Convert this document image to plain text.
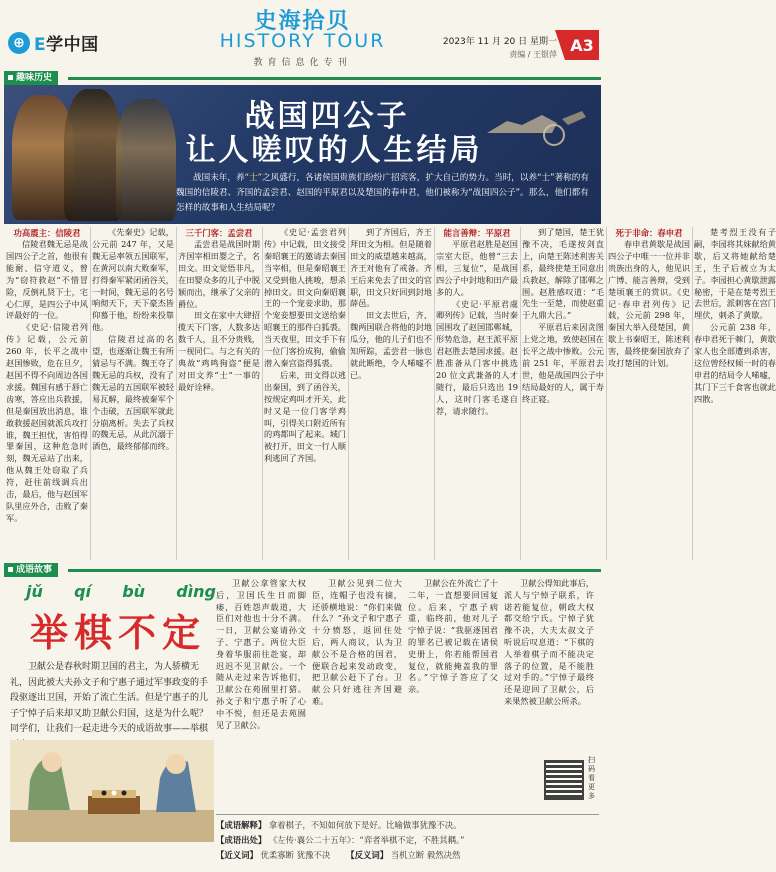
⊕ E学中国
史海拾贝
HISTORY TOUR
教育信息化专刊
2023年 11 月 20 日 星期一
责编 / 王银萍 A3
趣味历史
战国四公子
让人嗟叹的人生结局
战国末年，养“士”之风盛行，各诸侯国贵族们纷纷广招宾客，扩大自己的势力。当时，以养“士”著称的有魏国的信陵君、齐国的孟尝君、赵国的平原君以及楚国的春申君，他们被称为“战国四公子”。那么，他们都有怎样的故事和人生结局呢？

功高震主：信陵君

信陵君魏无忌是战国四公子之首，他很有能耐、信守道义，曾为“窃符救赵”不惜冒险，反倒礼贤下士，宅心仁厚，是四公子中风评最好的一位。

《史记·信陵君列传》记载，公元前 260 年，长平之战中赵国惨败，危在旦夕，赵国不得不向周边各国求援。魏国有感于唇亡齿寒，答应出兵救援，但是秦国放出消息，谁敢救援赵国就派兵攻打谁，魏王担忧，害怕得罪秦国，这种危急时刻，魏无忌站了出来，他从魏王处窃取了兵符，赶往前线调兵出击，最后，他与赵国军队里应外合，击败了秦军。

《先秦史》记载，公元前 247 年，又是魏无忌率领五国联军，在黄河以南大败秦军，打得秦军紧闭函谷关，一时间，魏无忌的名号响彻天下，天下豪杰皆仰慕于他，纷纷来投靠他。

信陵君过高的名望，也逐渐让魏王有所猜忌与不满。魏王夺了魏无忌的兵权，没有了魏无忌的五国联军被轻易瓦解，最终被秦军个个击破，五国联军就此分崩离析。失去了兵权的魏无忌，从此沉溺于酒色，最终郁郁而终。

三千门客：孟尝君

孟尝君是战国时期齐国宰相田婴之子，名田文。田文觉悟非凡，在田婴众多的儿子中脱颖而出，继承了父亲的爵位。

田文在家中大肆招揽天下门客，人数多达数千人，且不分贵贱，一视同仁。与之有关的典故“鸡鸣狗盗”便是对田文养“士”一事的最好诠释。

《史记·孟尝君列传》中记载，田文接受秦昭襄王的邀请去秦国当宰相，但是秦昭襄王又受到他人挑唆，想杀掉田文。田文向秦昭襄王的一个宠妾求助，那个宠妾想要田文送给秦昭襄王的那件白狐裘。当天夜里，田文手下有一位门客扮成狗，偷偷潜入秦宫盗得狐裘。

后来，田文得以逃出秦国，到了函谷关，按规定鸡叫才开关，此时又是一位门客学鸡叫，引得关口附近所有的鸡都叫了起来。城门被打开，田文一行人顺利逃回了齐国。

到了齐国后，齐王拜田文为相。但是随着田文的威望越来越高，齐王对他有了戒备。齐王后来免去了田文的官职，田文只好回到封地薛邑。

田文去世后，齐、魏两国联合将他的封地瓜分，他的儿子们也不知所踪，孟尝君一脉也就此断绝，令人唏嘘不已。

能言善辩：平原君

平原君赵胜是赵国宗室大臣，他曾“三去相，三复位”，是战国四公子中封地和田产最多的人。

《史记·平原君虞卿列传》记载，当时秦国围攻了赵国邯郸城，形势危急，赵王派平原君赵胜去楚国求援。赵胜准备从门客中挑选 20 位文武兼备的人才随行，最后只选出 19 人，这时门客毛遂自荐，请求随行。

到了楚国，楚王犹豫不决，毛遂按剑直上，向楚王陈述利害关系，最终使楚王同意出兵救赵，解除了邯郸之围。赵胜感叹道：“毛先生一至楚，而使赵重于九鼎大吕。”

平原君后来因贪图上党之地，致使赵国在长平之战中惨败。公元前 251 年，平原君去世，他是战国四公子中结局最好的人，属于寿终正寝。

死于非命：春申君

春申君黄歇是战国四公子中唯一一位并非贵族出身的人，他见识广博、能言善辩，受到楚顷襄王的赏识。《史记·春申君列传》记载，公元前 298 年，秦国大举入侵楚国，黄歇上书秦昭王，陈述利害，最终使秦国放弃了攻打楚国的计划。

楚考烈王没有子嗣，李园将其妹献给黄歇，后又将她献给楚王，生子后被立为太子。李园担心黄歇泄露秘密，于是在楚考烈王去世后，派刺客在宫门埋伏，刺杀了黄歇。

公元前 238 年，春申君死于棘门，黄歇家人也全部遭到杀害，这位曾经权倾一时的春申君的结局令人唏嘘，其门下三千食客也就此四散。

成语故事
jǔ qí bù dìng
举棋不定
卫献公是春秋时期卫国的君主，为人骄横无礼，因此被大夫孙文子和宁惠子通过军事政变的手段驱逐出卫国，开始了流亡生活。但是宁惠子的儿子宁悼子后来却又助卫献公归国，这是为什么呢？同学们，让我们一起走进今天的成语故事——举棋

卫献公拿管家大权后，卫国氏生日而脚痿，百姓怨声载道，大臣们对他也十分不满。一日，卫献公宴请孙文子、宁惠子。两位大臣身着华服前往赴宴，却迟迟不见卫献公。一个随从走过来告诉他们，卫献公在苑囿里打猎。孙文子和宁惠子听了心中不悦，但还是去苑囿见了卫献公。

卫献公见到二位大臣，连帽子也没有摘，还骄横地说：“你们来做什么？”孙文子和宁惠子十分愤怒，返回住处后，两人商议，认为卫献公不是合格的国君，便联合起来发动政变，把卫献公赶下了台。卫献公只好逃往齐国避难。

卫献公在外流亡了十二年，一直想要回国复位。后来，宁惠子病重，临终前，他对儿子宁悼子说：“我驱逐国君的罪名已被记载在诸侯史册上，你若能帮国君复位，就能掩盖我的罪名。”宁悼子答应了父亲。

卫献公得知此事后，派人与宁悼子联系，许诺若能复位，朝政大权都交给宁氏。宁悼子犹豫不决，大夫太叔文子听说后叹息道：“下棋的人举着棋子而不能决定落子的位置，是不能胜过对手的。”宁悼子最终还是迎回了卫献公，后来果然被卫献公所杀。

扫码看更多
【成语解释】 拿着棋子，不知如何放下是好。比喻做事犹豫不决。
【成语出处】 《左传·襄公二十五年》：“弈者举棋不定，不胜其耦。”
【近义词】 优柔寡断 犹豫不决 【反义词】 当机立断 毅然决然
